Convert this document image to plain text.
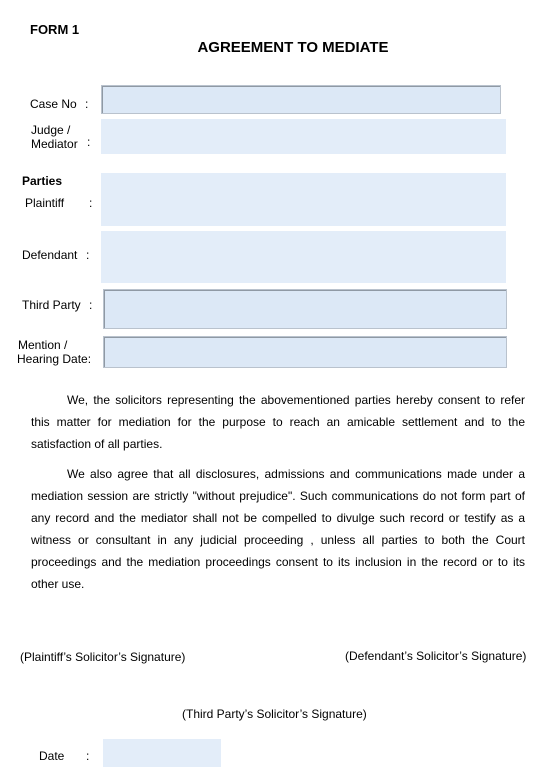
FORM 1
AGREEMENT TO MEDIATE
Case No :
Judge /
Mediator :
Parties
Plaintiff :
Defendant :
Third Party :
Mention /
Hearing Date:
We, the solicitors representing the abovementioned parties hereby consent to refer this matter for mediation for the purpose to reach an amicable settlement and to the satisfaction of all parties.
We also agree that all disclosures, admissions and communications made under a mediation session are strictly "without prejudice". Such communications do not form part of any record and the mediator shall not be compelled to divulge such record or testify as a witness or consultant in any judicial proceeding , unless all parties to both the Court proceedings and the mediation proceedings consent to its inclusion in the record or to its other use.
(Plaintiff’s Solicitor’s Signature)	(Defendant’s Solicitor’s Signature)
(Third Party’s Solicitor’s Signature)
Date :
